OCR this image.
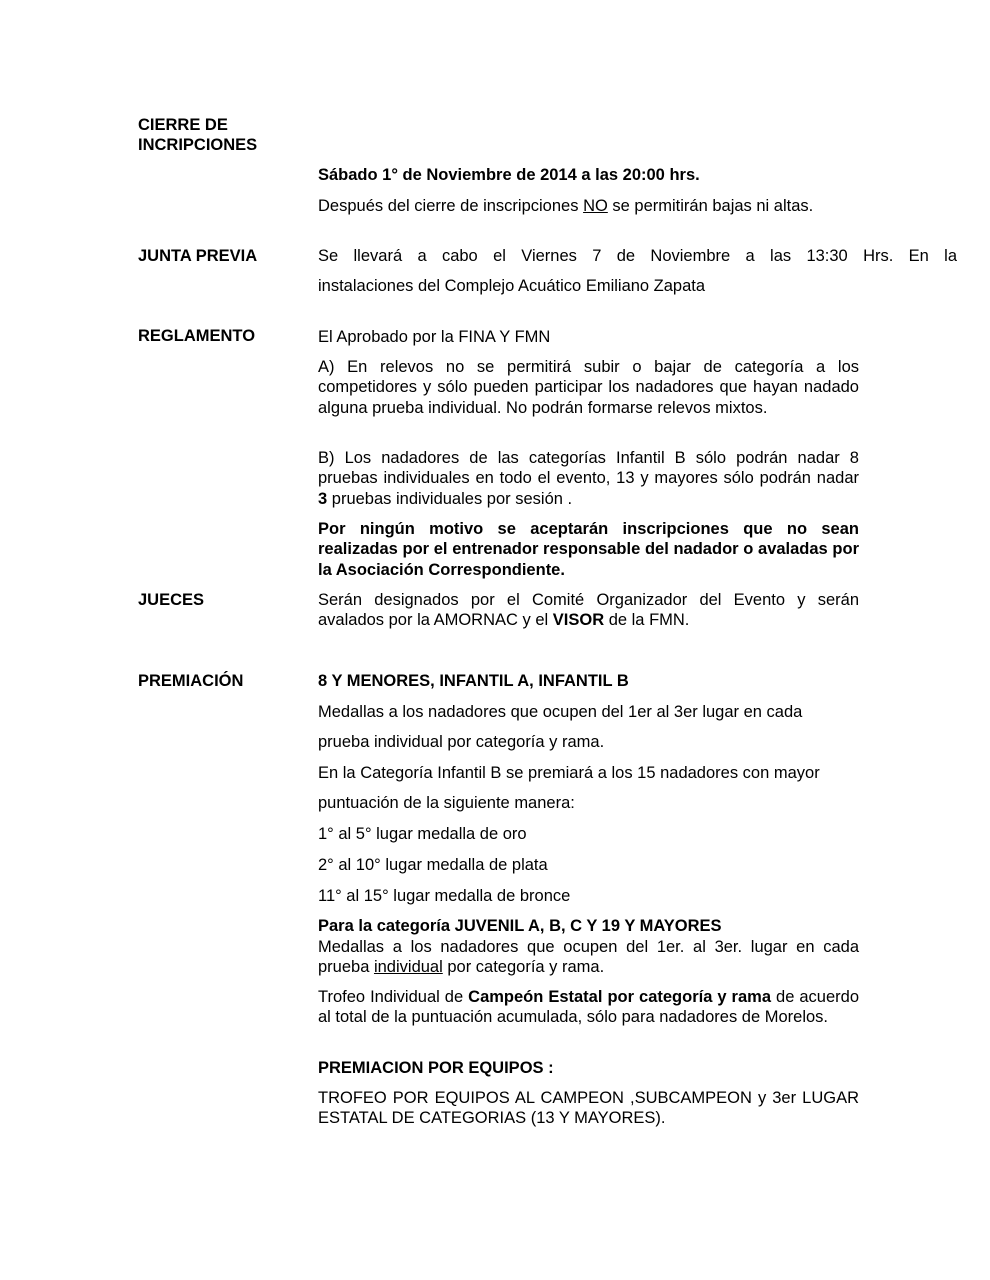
CIERRE DE
INCRIPCIONES
Sábado 1° de Noviembre de 2014 a las 20:00 hrs.
Después del cierre de inscripciones NO se permitirán bajas ni altas.
JUNTA PREVIA	Se llevará a cabo el Viernes 7 de Noviembre a las 13:30 Hrs. En la
instalaciones del Complejo Acuático Emiliano Zapata
REGLAMENTO	El Aprobado por la FINA Y FMN
A) En relevos no se permitirá subir o bajar de categoría a los competidores y sólo pueden participar los nadadores que hayan nadado alguna prueba individual. No podrán formarse relevos mixtos.
B) Los nadadores de las categorías Infantil B sólo podrán nadar 8 pruebas individuales en todo el evento, 13 y mayores sólo podrán nadar 3 pruebas individuales por sesión .
Por ningún motivo se aceptarán inscripciones que no sean realizadas por el entrenador responsable del nadador o avaladas por la Asociación Correspondiente.
JUECES	Serán designados por el Comité Organizador del Evento y serán avalados por la AMORNAC y el VISOR de la FMN.
PREMIACIÓN	8 Y MENORES, INFANTIL A, INFANTIL B
Medallas a los nadadores que ocupen del 1er al 3er lugar en cada
prueba individual por categoría y rama.
En la Categoría Infantil B se premiará a los 15 nadadores con mayor
puntuación de la siguiente manera:
1° al 5° lugar medalla de oro
2° al 10° lugar medalla de plata
11° al 15° lugar medalla de bronce
Para la categoría JUVENIL A, B, C Y 19 Y MAYORES
Medallas a los nadadores que ocupen del 1er. al 3er. lugar en cada prueba individual por categoría y rama.
Trofeo Individual de Campeón Estatal por categoría y rama de acuerdo al total de la puntuación acumulada, sólo para nadadores de Morelos.
PREMIACION POR EQUIPOS :
TROFEO POR EQUIPOS AL CAMPEON ,SUBCAMPEON y 3er LUGAR ESTATAL DE CATEGORIAS (13 Y MAYORES).
